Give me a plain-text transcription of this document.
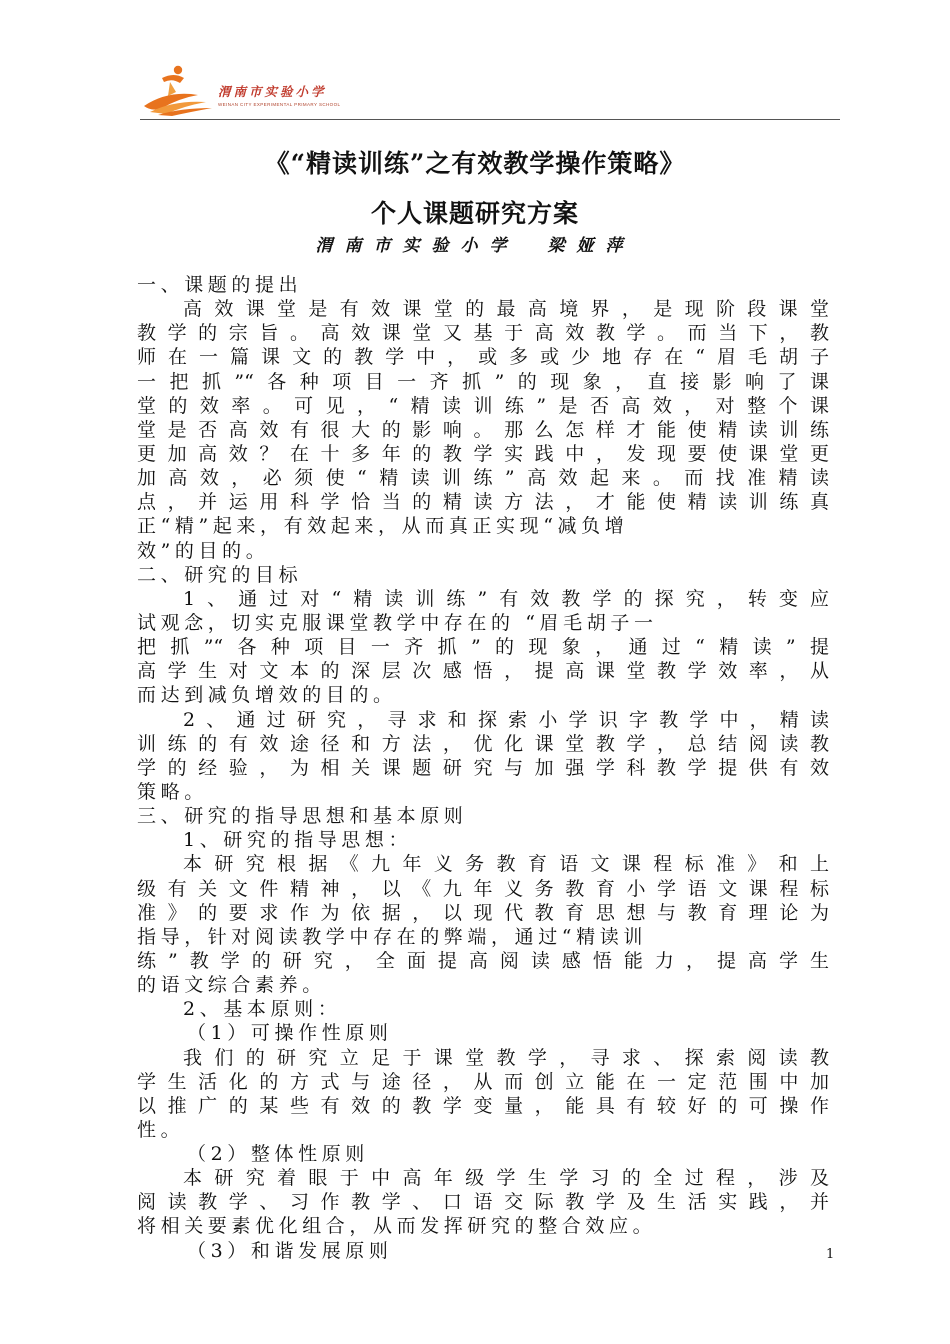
渭南市实验小学
WEINAN CITY EXPERIMENTAL PRIMARY SCHOOL
《“精读训练”之有效教学操作策略》
个人课题研究方案
渭南市实验小学　梁娅萍
一、课题的提出
高效课堂是有效课堂的最高境界，是现阶段课堂
教学的宗旨。高效课堂又基于高效教学。而当下，教
师在一篇课文的教学中，或多或少地存在“眉毛胡子
一把抓”“各种项目一齐抓”的现象，直接影响了课
堂的效率。可见，“精读训练”是否高效，对整个课
堂是否高效有很大的影响。那么怎样才能使精读训练
更加高效？在十多年的教学实践中，发现要使课堂更
加高效，必须使“精读训练”高效起来。而找准精读
点，并运用科学恰当的精读方法，才能使精读训练真
正“精”起来，有效起来，从而真正实现“减负增
效”的目的。
二、研究的目标
1、通过对“精读训练”有效教学的探究，转变应
试观念，切实克服课堂教学中存在的 “眉毛胡子一
把抓”“各种项目一齐抓”的现象，通过“精读”提
高学生对文本的深层次感悟，提高课堂教学效率，从
而达到减负增效的目的。
2、通过研究，寻求和探索小学识字教学中，精读
训练的有效途径和方法，优化课堂教学，总结阅读教
学的经验，为相关课题研究与加强学科教学提供有效
策略。
三、研究的指导思想和基本原则
1、研究的指导思想：
本研究根据《九年义务教育语文课程标准》和上
级有关文件精神，以《九年义务教育小学语文课程标
准》的要求作为依据，以现代教育思想与教育理论为
指导，针对阅读教学中存在的弊端，通过“精读训
练”教学的研究，全面提高阅读感悟能力，提高学生
的语文综合素养。
2、基本原则：
（1）可操作性原则
我们的研究立足于课堂教学，寻求、探索阅读教
学生活化的方式与途径，从而创立能在一定范围中加
以推广的某些有效的教学变量，能具有较好的可操作
性。
（2）整体性原则
本研究着眼于中高年级学生学习的全过程，涉及
阅读教学、习作教学、口语交际教学及生活实践，并
将相关要素优化组合，从而发挥研究的整合效应。
（3）和谐发展原则	1
